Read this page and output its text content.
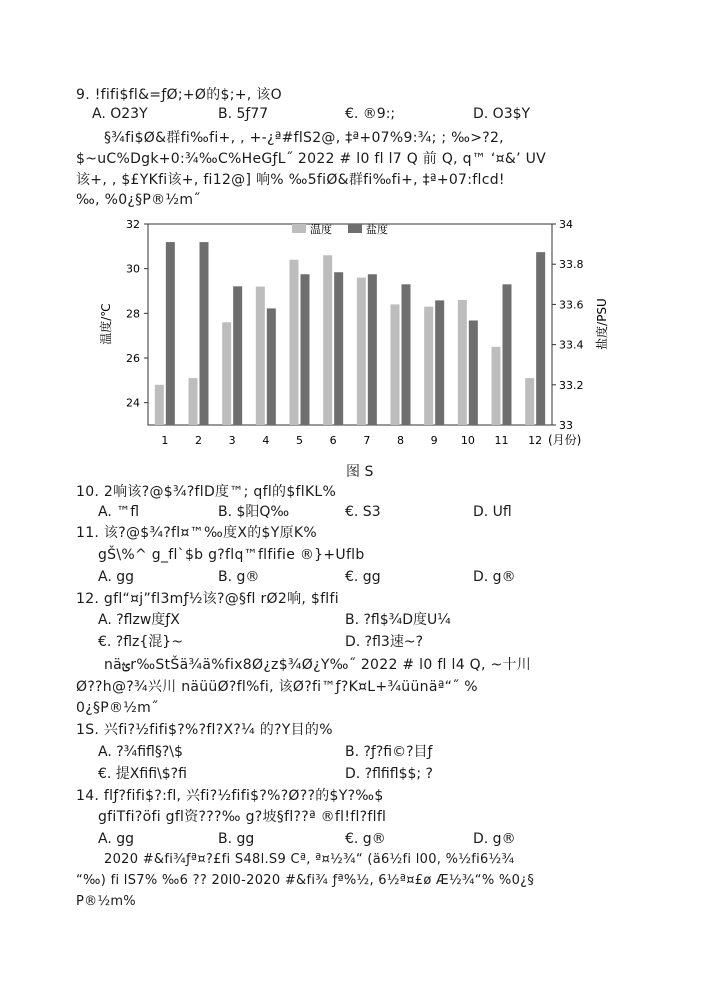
9. !fifi$fl&=ƒØ;+Ø的$;+, 该O
A. O23Y	B. 5ƒ77	€. ®9:;	D. O3$Y
§¾fi$Ø&群fi‰fi+, , +-¿ª#flS2@, ‡ª+07%9:¾; ; ‰>?2,
$~uC%Dgk+0:¾‰C%HeGƒL˝ 2022 # l0 fl l7 Q 前 Q, q™ ‘¤&’ UV
该+, , $£YKfi该+, fi12@] 响% ‰5fiØ&群fi‰fi+, ‡ª+07:flcd!
‰, %0¿§P®½m˝
24
26
28
30
32
33
33.2
33.4
33.6
33.8
34
1 2 3 4 5 6 7 8 9 10 11 12
温度	盐度
温度/℃	盐度/PSU
(月份)
图 S
10. 2响该?@$¾?flD度™; qfl的$flKL%
A. ™fl	B. $阳Q‰	€. S3	D. Ufl
11. 该?@$¾?fl¤™‰度X的$Y原K%
gŠ\%^ g_fl`$b g?flq™flfifie ®}+Uflb
A. gg	B. g®	€. gg	D. g®
12. gfl“¤j”fl3mƒ½该?@§fl rØ2响, $flfi
A. ?flzw度ƒX	B. ?fl$¾D度U¼
€. ?flz{混}~	D. ?fl3速~?
näؿr‰StŠä¾ä%fix8Ø¿z$¾Ø¿Y‰˝ 2022 # l0 fl l4 Q, ~十川
Ø??h@?¾兴川 näüüØ?fl%fi, 该Ø?fi™ƒ?K¤L+¾üünäª“˝ %
0¿§P®½m˝
1S. 兴fi?½fifi$?%?fl?X?¼ 的?Y目的%
A. ?¾fifl§?\$	B. ?ƒ?fi©?目ƒ
€. 提Xfifi\$?fi	D. ?flfifl$$; ?
14. flƒ?fifi$?:fl, 兴fi?½fifi$?%?Ø??的$Y?‰$
gfiTfi?öfi gfl资???‰ g?坡§fl??ª ®fl!fl?flfl
A. gg	B. gg	€. g®	D. g®
2020 #&fi¾ƒª¤?£fi S48l.S9 Cª, ª¤½¾“ (ä6½fi l00, %½fi6½¾
“‰) fi lS7% ‰6 ?? 20l0-2020 #&fi¾ ƒª%½, 6½ª¤£ø Æ½¾“% %0¿§
P®½m%
